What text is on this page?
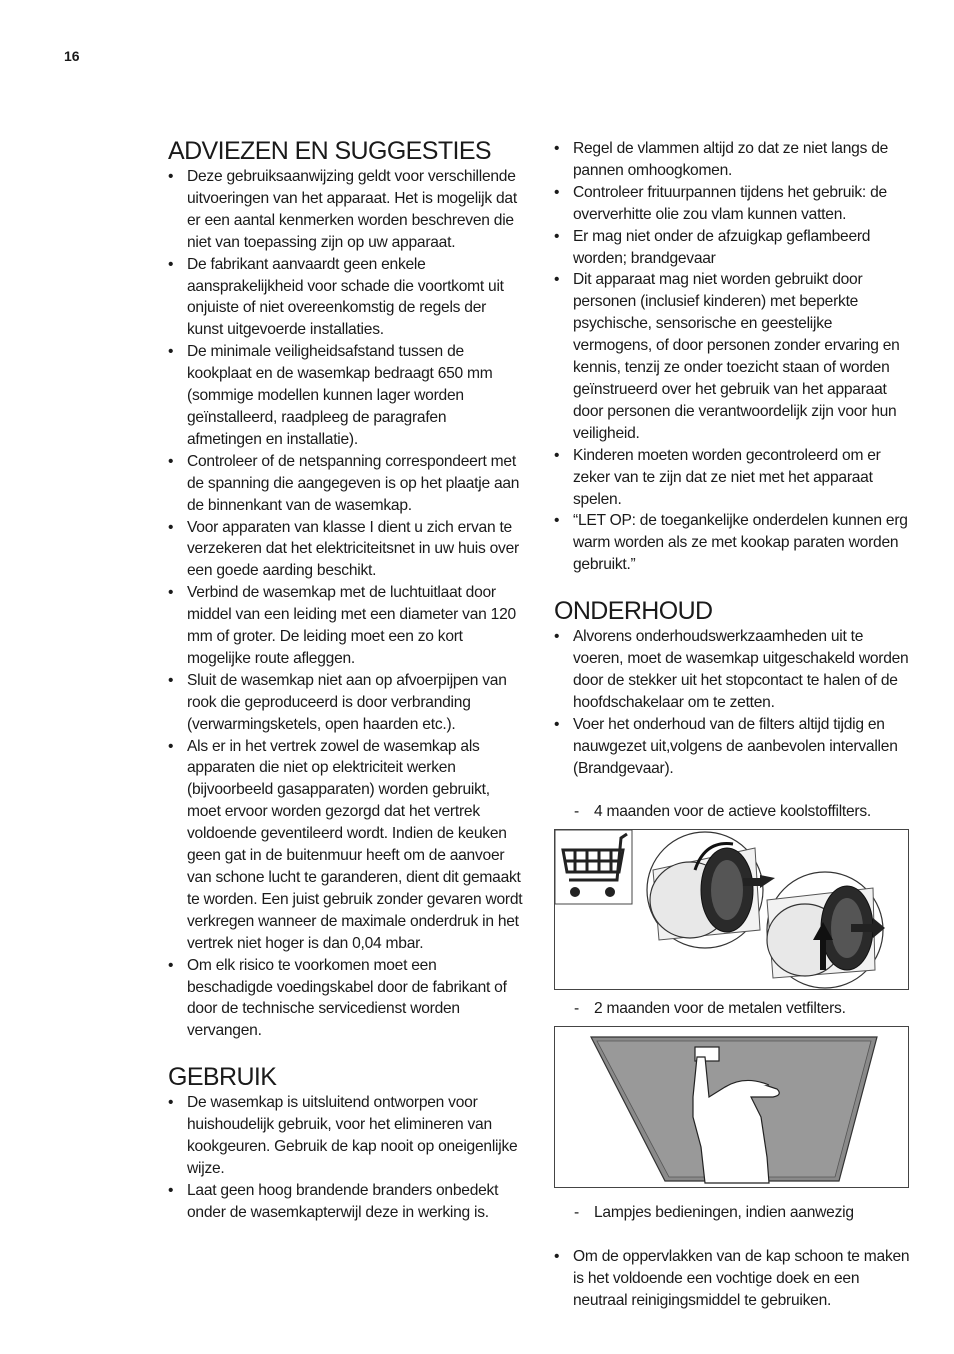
16
ADVIEZEN EN SUGGESTIES
• Deze gebruiksaanwijzing geldt voor verschillende uitvoeringen van het apparaat. Het is mogelijk dat er een aantal kenmerken worden beschreven die niet van toepassing zijn op uw apparaat.
• De fabrikant aanvaardt geen enkele aansprakelijkheid voor schade die voortkomt uit onjuiste of niet overeenkomstig de regels der kunst uitgevoerde installaties.
• De minimale veiligheidsafstand tussen de kookplaat en de wasemkap bedraagt 650 mm (sommige modellen kunnen lager worden geïnstalleerd, raadpleeg de paragrafen afmetingen en installatie).
• Controleer of de netspanning correspondeert met de spanning die aangegeven is op het plaatje aan de binnenkant van de wasemkap.
• Voor apparaten van klasse I dient u zich ervan te verzekeren dat het elektriciteitsnet in uw huis over een goede aarding beschikt.
• Verbind de wasemkap met de luchtuitlaat door middel van een leiding met een diameter van 120 mm of groter. De leiding moet een zo kort mogelijke route afleggen.
• Sluit de wasemkap niet aan op afvoerpijpen van rook die geproduceerd is door verbranding (verwarmingsketels, open haarden etc.).
• Als er in het vertrek zowel de wasemkap als apparaten die niet op elektriciteit werken (bijvoorbeeld gasapparaten) worden gebruikt, moet ervoor worden gezorgd dat het vertrek voldoende geventileerd wordt. Indien de keuken geen gat in de buitenmuur heeft om de aanvoer van schone lucht te garanderen, dient dit gemaakt te worden. Een juist gebruik zonder gevaren wordt verkregen wanneer de maximale onderdruk in het vertrek niet hoger is dan 0,04 mbar.
• Om elk risico te voorkomen moet een beschadigde voedingskabel door de fabrikant of door de technische servicedienst worden vervangen.
GEBRUIK
• De wasemkap is uitsluitend ontworpen voor huishoudelijk gebruik, voor het elimineren van kookgeuren. Gebruik de kap nooit op oneigenlijke wijze.
• Laat geen hoog brandende branders onbedekt onder de wasemkapterwijl deze in werking is.
• Regel de vlammen altijd zo dat ze niet langs de pannen omhoogkomen.
• Controleer frituurpannen tijdens het gebruik: de oververhitte olie zou vlam kunnen vatten.
• Er mag niet onder de afzuigkap geflambeerd worden; brandgevaar
• Dit apparaat mag niet worden gebruikt door personen (inclusief kinderen) met beperkte psychische, sensorische en geestelijke vermogens, of door personen zonder ervaring en kennis, tenzij ze onder toezicht staan of worden geïnstrueerd over het gebruik van het apparaat door personen die verantwoordelijk zijn voor hun veiligheid.
• Kinderen moeten worden gecontroleerd om er zeker van te zijn dat ze niet met het apparaat spelen.
• “LET OP: de toegankelijke onderdelen kunnen erg warm worden als ze met kookap paraten worden gebruikt.”
ONDERHOUD
• Alvorens onderhoudswerkzaamheden uit te voeren, moet de wasemkap uitgeschakeld worden door de stekker uit het stopcontact te halen of de hoofdschakelaar om te zetten.
• Voer het onderhoud van de filters altijd tijdig en nauwgezet uit,volgens de aanbevolen intervallen (Brandgevaar).
- 4 maanden voor de actieve koolstoffilters.
- 2 maanden voor de metalen vetfilters.
- Lampjes bedieningen, indien aanwezig
• Om de oppervlakken van de kap schoon te maken is het voldoende een vochtige doek en een neutraal reinigingsmiddel te gebruiken.
